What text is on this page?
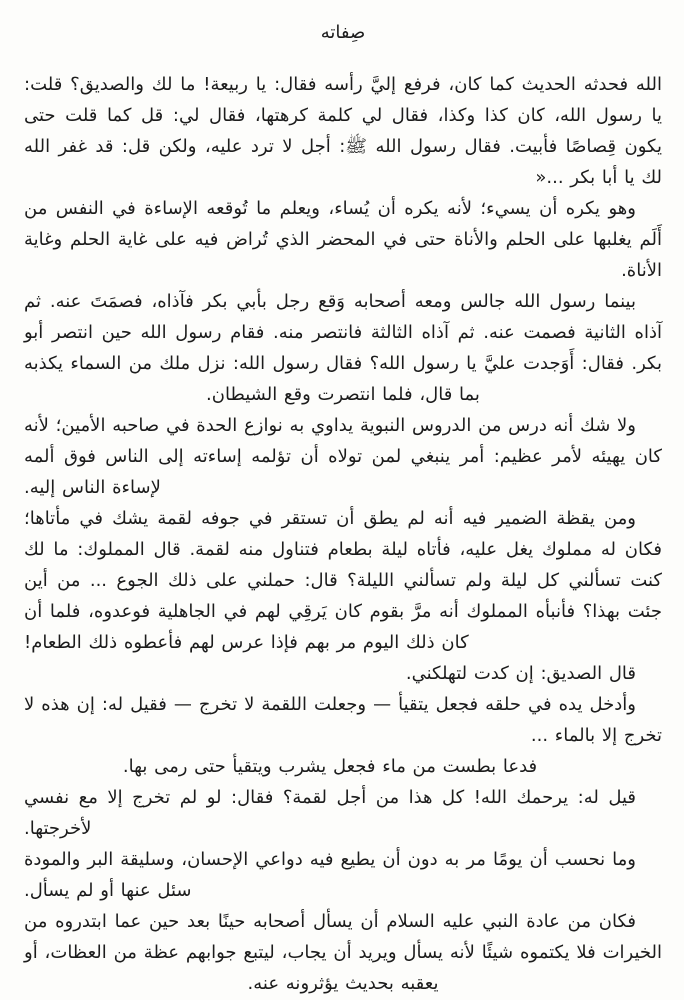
صِفاته

الله فحدثه الحديث كما كان، فرفع إليَّ رأسه فقال: يا ربيعة! ما لك والصديق؟ قلت: يا رسول الله، كان كذا وكذا، فقال لي كلمة كرهتها، فقال لي: قل كما قلت حتى يكون قِصاصًا فأبيت. فقال رسول الله ﷺ: أجل لا ترد عليه، ولكن قل: قد غفر الله لك يا أبا بكر ...«

وهو يكره أن يسيء؛ لأنه يكره أن يُساء، ويعلم ما تُوقعه الإساءة في النفس من أَلَم يغلبها على الحلم والأناة حتى في المحضر الذي تُراض فيه على غاية الحلم وغاية الأناة.

بينما رسول الله جالس ومعه أصحابه وَقع رجل بأبي بكر فآذاه، فصمَتَ عنه. ثم آذاه الثانية فصمت عنه. ثم آذاه الثالثة فانتصر منه. فقام رسول الله حين انتصر أبو بكر. فقال: أَوَجدت عليَّ يا رسول الله؟ فقال رسول الله: نزل ملك من السماء يكذبه بما قال، فلما انتصرت وقع الشيطان.

ولا شك أنه درس من الدروس النبوية يداوي به نوازع الحدة في صاحبه الأمين؛ لأنه كان يهيئه لأمر عظيم: أمر ينبغي لمن تولاه أن تؤلمه إساءته إلى الناس فوق ألمه لإساءة الناس إليه.

ومن يقظة الضمير فيه أنه لم يطق أن تستقر في جوفه لقمة يشك في مأتاها؛ فكان له مملوك يغل عليه، فأتاه ليلة بطعام فتناول منه لقمة. قال المملوك: ما لك كنت تسألني كل ليلة ولم تسألني الليلة؟ قال: حملني على ذلك الجوع ... من أين جئت بهذا؟ فأنبأه المملوك أنه مرَّ بقوم كان يَرقِي لهم في الجاهلية فوعدوه، فلما أن كان ذلك اليوم مر بهم فإذا عرس لهم فأعطوه ذلك الطعام!

قال الصديق: إن كدت لتهلكني.

وأدخل يده في حلقه فجعل يتقيأ — وجعلت اللقمة لا تخرج — فقيل له: إن هذه لا تخرج إلا بالماء ...

فدعا بطست من ماء فجعل يشرب ويتقيأ حتى رمى بها.

قيل له: يرحمك الله! كل هذا من أجل لقمة؟ فقال: لو لم تخرج إلا مع نفسي لأخرجتها.

وما نحسب أن يومًا مر به دون أن يطيع فيه دواعي الإحسان، وسليقة البر والمودة سئل عنها أو لم يسأل.

فكان من عادة النبي عليه السلام أن يسأل أصحابه حينًا بعد حين عما ابتدروه من الخيرات فلا يكتموه شيئًا لأنه يسأل ويريد أن يجاب، ليتبع جوابهم عظة من العظات، أو يعقبه بحديث يؤثرونه عنه.
